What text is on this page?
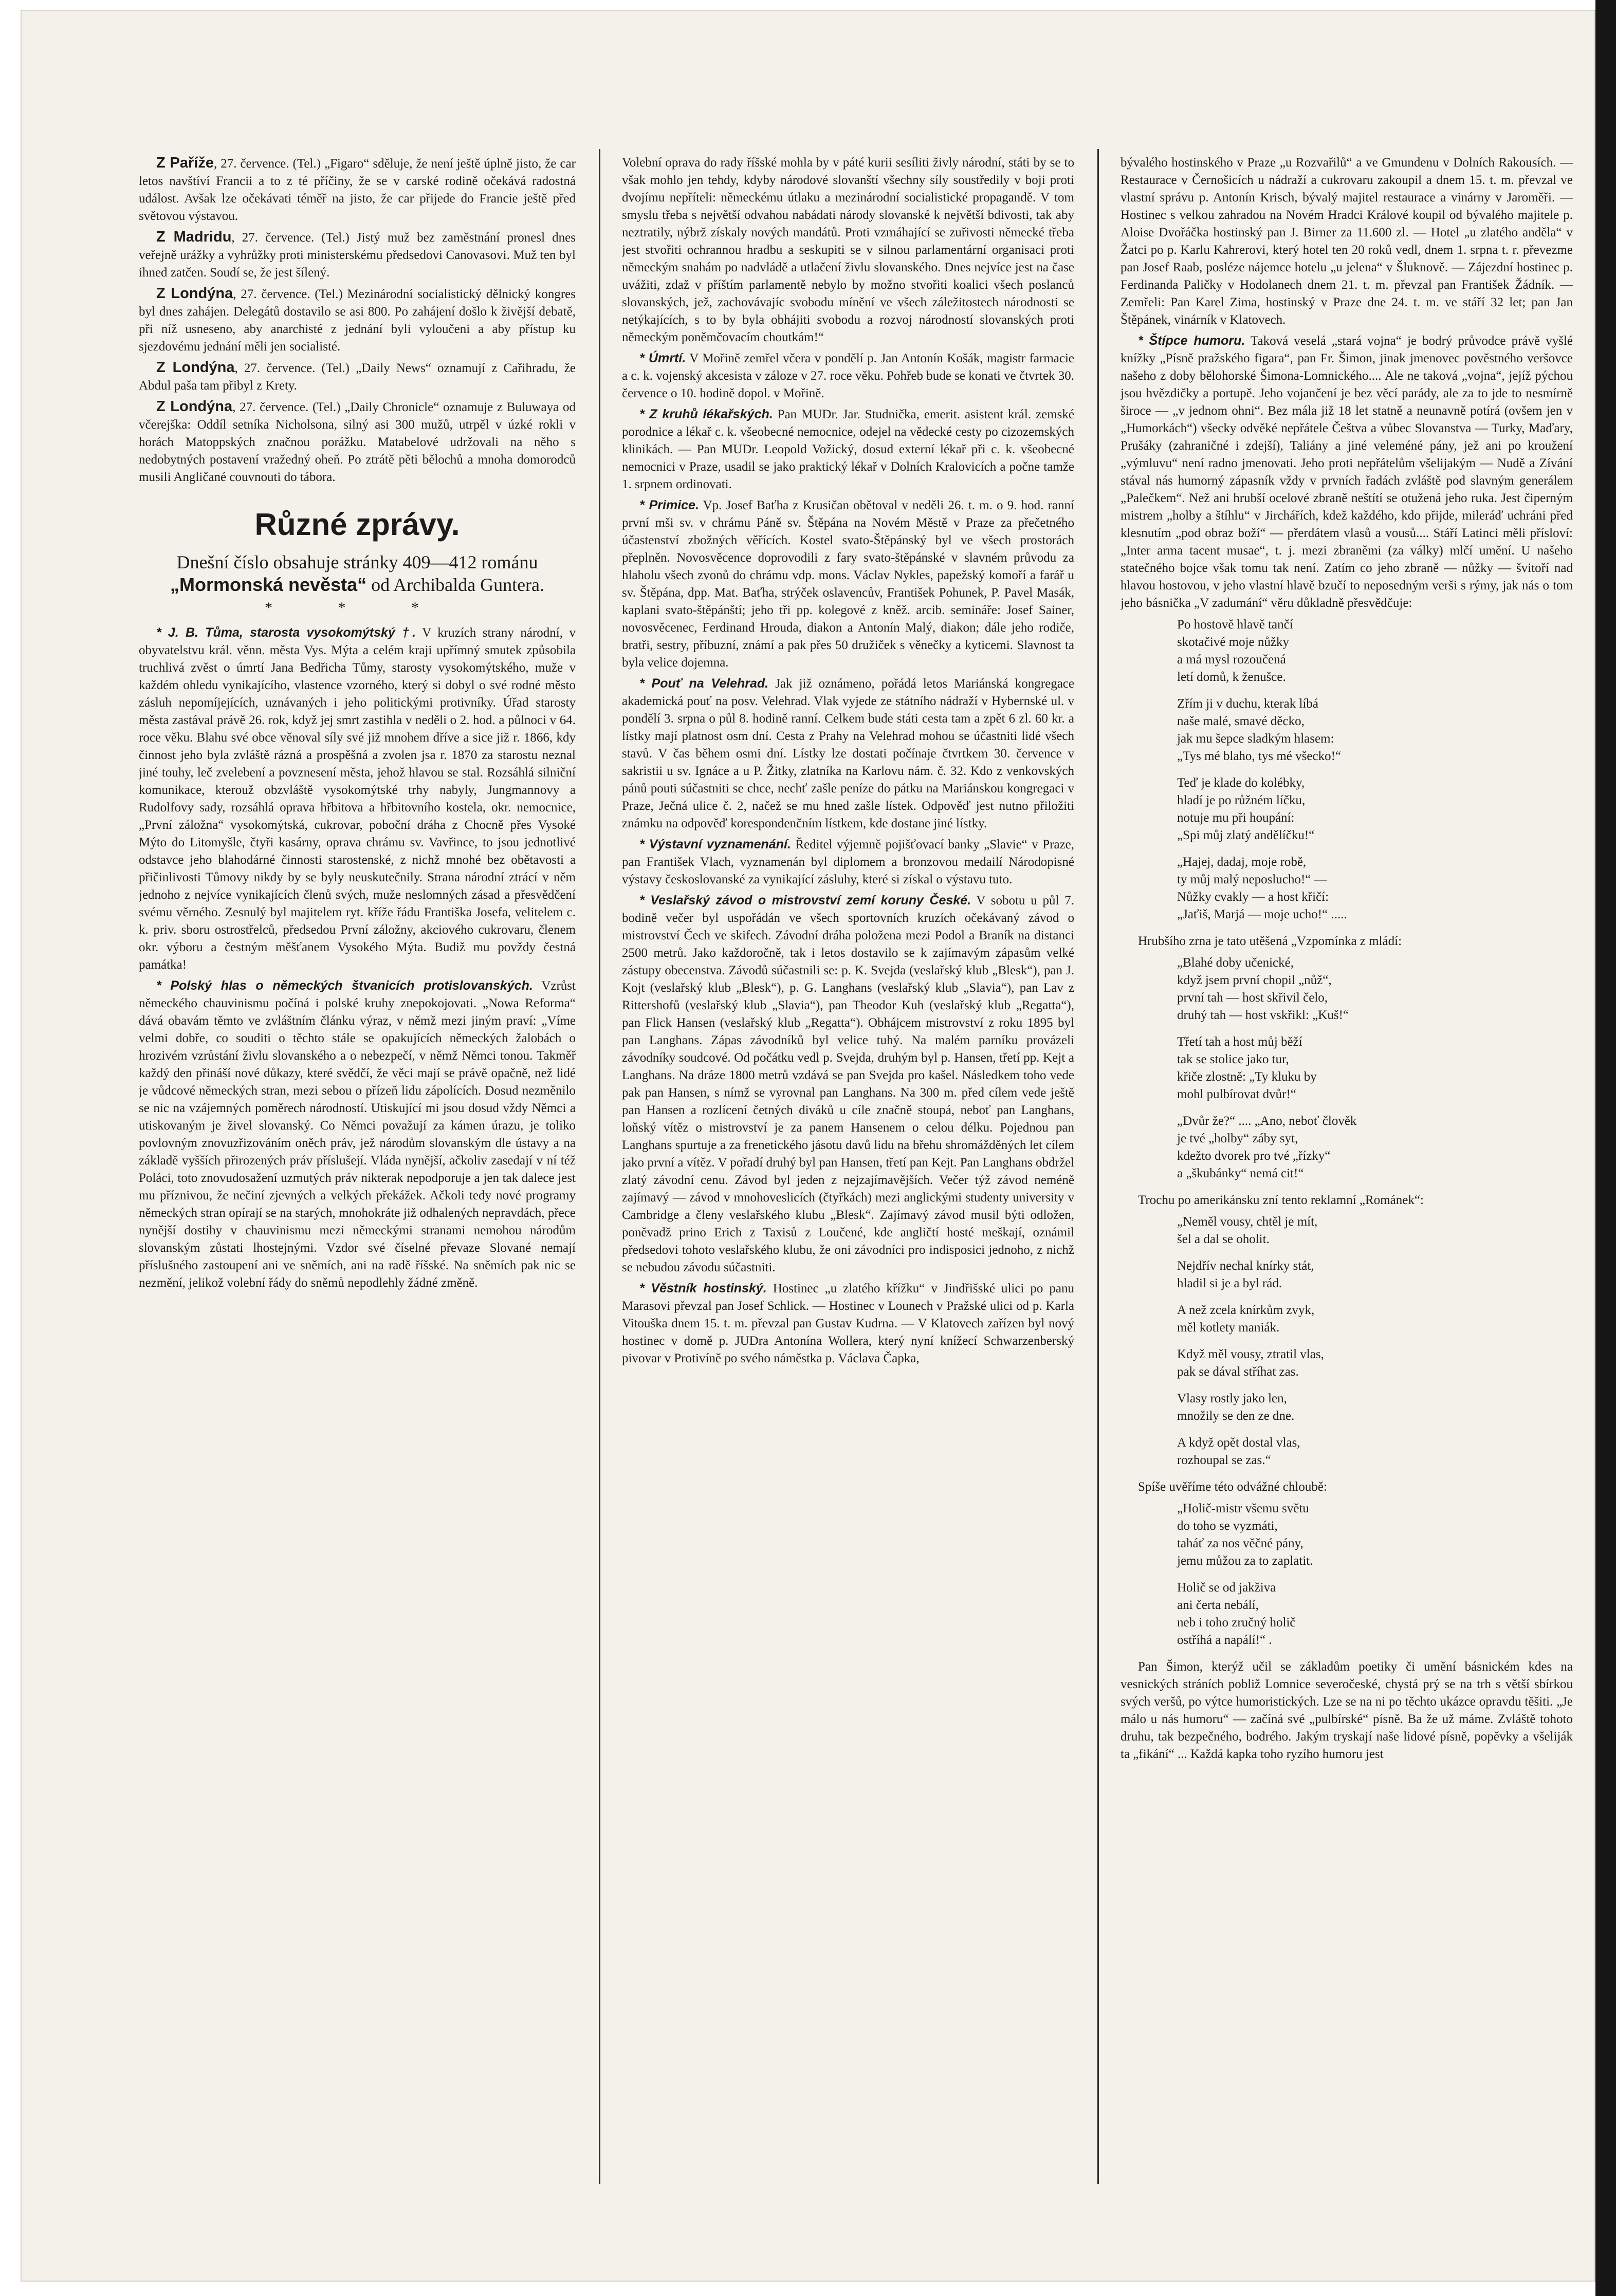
Z Paříže, 27. července. (Tel.) „Figaro“ sděluje, že není ještě úplně jisto, že car letos navštíví Francii a to z té příčiny, že se v carské rodině očekává radostná událost. Avšak lze očekávati téměř na jisto, že car přijede do Francie ještě před světovou výstavou.

Z Madridu, 27. července. (Tel.) Jistý muž bez zaměstnání pronesl dnes veřejně urážky a vyhrůžky proti ministerskému předsedovi Canovasovi. Muž ten byl ihned zatčen. Soudí se, že jest šílený.

Z Londýna, 27. července. (Tel.) Mezinárodní socialistický dělnický kongres byl dnes zahájen. Delegátů dostavilo se asi 800. Po zahájení došlo k živější debatě, při níž usneseno, aby anarchisté z jednání byli vyloučeni a aby přístup ku sjezdovému jednání měli jen socialisté.

Z Londýna, 27. července. (Tel.) „Daily News“ oznamují z Cařihradu, že Abdul paša tam přibyl z Krety.

Z Londýna, 27. července. (Tel.) „Daily Chronicle“ oznamuje z Buluwaya od včerejška: Oddíl setníka Nicholsona, silný asi 300 mužů, utrpěl v úzké rokli v horách Matoppských značnou porážku. Matabelové udržovali na něho s nedobytných postavení vražedný oheň. Po ztrátě pěti bělochů a mnoha domorodců musili Angličané couvnouti do tábora.

Různé zprávy.

Dnešní číslo obsahuje stránky 409—412 románu „Mormonská nevěsta“ od Archibalda Guntera.

* * *

* J. B. Tůma, starosta vysokomýtský †. V kruzích strany národní, v obyvatelstvu král. věnn. města Vys. Mýta a celém kraji upřímný smutek způsobila truchlivá zvěst o úmrtí Jana Bedřicha Tůmy, starosty vysokomýtského, muže v každém ohledu vynikajícího, vlastence vzorného, který si dobyl o své rodné město zásluh nepomíjejících, uznávaných i jeho politickými protivníky. Úřad starosty města zastával právě 26. rok, když jej smrt zastihla v neděli o 2. hod. a půlnoci v 64. roce věku. Blahu své obce věnoval síly své již mnohem dříve a sice již r. 1866, kdy činnost jeho byla zvláště rázná a prospěšná a zvolen jsa r. 1870 za starostu neznal jiné touhy, leč zvelebení a povznesení města, jehož hlavou se stal. Rozsáhlá silniční komunikace, kterouž obzvláště vysokomýtské trhy nabyly, Jungmannovy a Rudolfovy sady, rozsáhlá oprava hřbitova a hřbitovního kostela, okr. nemocnice, „První záložna“ vysokomýtská, cukrovar, poboční dráha z Chocně přes Vysoké Mýto do Litomyšle, čtyři kasárny, oprava chrámu sv. Vavřince, to jsou jednotlivé odstavce jeho blahodárné činnosti starostenské, z nichž mnohé bez obětavosti a přičinlivosti Tůmovy nikdy by se byly neuskutečnily. Strana národní ztrácí v něm jednoho z nejvíce vynikajících členů svých, muže neslomných zásad a přesvědčení svému věrného. Zesnulý byl majitelem ryt. kříže řádu Františka Josefa, velitelem c. k. priv. sboru ostrostřelců, předsedou První záložny, akciového cukrovaru, členem okr. výboru a čestným měšťanem Vysokého Mýta. Budiž mu povždy čestná památka!

* Polský hlas o německých štvanicích protislovanských. Vzrůst německého chauvinismu počíná i polské kruhy znepokojovati. „Nowa Reforma“ dává obavám těmto ve zvláštním článku výraz, v němž mezi jiným praví: „Víme velmi dobře, co souditi o těchto stále se opakujících německých žalobách o hrozivém vzrůstání živlu slovanského a o nebezpečí, v němž Němci tonou. Takměř každý den přináší nové důkazy, které svědčí, že věci mají se právě opačně, než lidé je vůdcové německých stran, mezi sebou o přízeň lidu zápolících. Dosud nezměnilo se nic na vzájemných poměrech národností. Utiskující mi jsou dosud vždy Němci a utiskovaným je živel slovanský. Co Němci považují za kámen úrazu, je toliko povlovným znovuzřizováním oněch práv, jež národům slovanským dle ústavy a na základě vyšších přirozených práv příslušejí. Vláda nynější, ačkoliv zasedají v ní též Poláci, toto znovudosažení uzmutých práv nikterak nepodporuje a jen tak dalece jest mu příznivou, že nečiní zjevných a velkých překážek. Ačkoli tedy nové programy německých stran opírají se na starých, mnohokráte již odhalených nepravdách, přece nynější dostihy v chauvinismu mezi německými stranami nemohou národům slovanským zůstati lhostejnými. Vzdor své číselné převaze Slované nemají příslušného zastoupení ani ve sněmích, ani na radě říšské. Na sněmích pak nic se nezmění, jelikož volební řády do sněmů nepodlehly žádné změně.

Volební oprava do rady říšské mohla by v páté kurii sesíliti živly národní, státi by se to však mohlo jen tehdy, kdyby národové slovanští všechny síly soustředily v boji proti dvojímu nepříteli: německému útlaku a mezinárodní socialistické propagandě. V tom smyslu třeba s největší odvahou nabádati národy slovanské k největší bdivosti, tak aby neztratily, nýbrž získaly nových mandátů. Proti vzmáhající se zuřivosti německé třeba jest stvořiti ochrannou hradbu a seskupiti se v silnou parlamentární organisaci proti německým snahám po nadvládě a utlačení živlu slovanského. Dnes nejvíce jest na čase uvážiti, zdaž v příštím parlamentě nebylo by možno stvořiti koalici všech poslanců slovanských, jež, zachovávajíc svobodu mínění ve všech záležitostech národnosti se netýkajících, s to by byla obhájiti svobodu a rozvoj národností slovanských proti německým poněmčovacím choutkám!“

* Úmrtí. V Mořině zemřel včera v pondělí p. Jan Antonín Košák, magistr farmacie a c. k. vojenský akcesista v záloze v 27. roce věku. Pohřeb bude se konati ve čtvrtek 30. července o 10. hodině dopol. v Mořině.

* Z kruhů lékařských. Pan MUDr. Jar. Studnička, emerit. asistent král. zemské porodnice a lékař c. k. všeobecné nemocnice, odejel na vědecké cesty po cizozemských klinikách. — Pan MUDr. Leopold Vožický, dosud externí lékař při c. k. všeobecné nemocnici v Praze, usadil se jako praktický lékař v Dolních Kralovicích a počne tamže 1. srpnem ordinovati.

* Primice. Vp. Josef Baťha z Krusičan obětoval v neděli 26. t. m. o 9. hod. ranní první mši sv. v chrámu Páně sv. Štěpána na Novém Městě v Praze za přečetného účastenství zbožných věřících. Kostel svato-Štěpánský byl ve všech prostorách přeplněn. Novosvěcence doprovodili z fary svato-štěpánské v slavném průvodu za hlaholu všech zvonů do chrámu vdp. mons. Václav Nykles, papežský komoří a farář u sv. Štěpána, dpp. Mat. Baťha, strýček oslavencův, František Pohunek, P. Pavel Masák, kaplani svato-štěpánští; jeho tři pp. kolegové z kněž. arcib. semináře: Josef Sainer, novosvěcenec, Ferdinand Hrouda, diakon a Antonín Malý, diakon; dále jeho rodiče, bratři, sestry, příbuzní, známí a pak přes 50 družiček s věnečky a kyticemi. Slavnost ta byla velice dojemna.

* Pouť na Velehrad. Jak již oznámeno, pořádá letos Mariánská kongregace akademická pouť na posv. Velehrad. Vlak vyjede ze státního nádraží v Hybernské ul. v pondělí 3. srpna o půl 8. hodině ranní. Celkem bude státi cesta tam a zpět 6 zl. 60 kr. a lístky mají platnost osm dní. Cesta z Prahy na Velehrad mohou se účastniti lidé všech stavů. V čas během osmi dní. Lístky lze dostati počínaje čtvrtkem 30. července v sakristii u sv. Ignáce a u P. Žitky, zlatníka na Karlovu nám. č. 32. Kdo z venkovských pánů pouti súčastniti se chce, nechť zašle peníze do pátku na Mariánskou kongregaci v Praze, Ječná ulice č. 2, načež se mu hned zašle lístek. Odpověď jest nutno přiložiti známku na odpověď korespondenčním lístkem, kde dostane jiné lístky.

* Výstavní vyznamenání. Ředitel výjemně pojišťovací banky „Slavie“ v Praze, pan František Vlach, vyznamenán byl diplomem a bronzovou medailí Národopisné výstavy českoslovanské za vynikající zásluhy, které si získal o výstavu tuto.

* Veslařský závod o mistrovství zemí koruny České. V sobotu u půl 7. bodině večer byl uspořádán ve všech sportovních kruzích očekávaný závod o mistrovství Čech ve skifech. Závodní dráha položena mezi Podol a Braník na distanci 2500 metrů. Jako každoročně, tak i letos dostavilo se k zajímavým zápasům velké zástupy obecenstva. Závodů súčastnili se: p. K. Svejda (veslařský klub „Blesk“), pan J. Kojt (veslařský klub „Blesk“), p. G. Langhans (veslařský klub „Slavia“), pan Lav z Rittershofů (veslařský klub „Slavia“), pan Theodor Kuh (veslařský klub „Regatta“), pan Flick Hansen (veslařský klub „Regatta“). Obhájcem mistrovství z roku 1895 byl pan Langhans. Zápas závodníků byl velice tuhý. Na malém parníku provázeli závodníky soudcové. Od počátku vedl p. Svejda, druhým byl p. Hansen, třetí pp. Kejt a Langhans. Na dráze 1800 metrů vzdává se pan Svejda pro kašel. Následkem toho vede pak pan Hansen, s nímž se vyrovnal pan Langhans. Na 300 m. před cílem vede ještě pan Hansen a rozlícení četných diváků u cíle značně stoupá, neboť pan Langhans, loňský vítěz o mistrovství je za panem Hansenem o celou délku. Pojednou pan Langhans spurtuje a za frenetického jásotu davů lidu na břehu shromážděných let cílem jako první a vítěz. V pořadí druhý byl pan Hansen, třetí pan Kejt. Pan Langhans obdržel zlatý závodní cenu. Závod byl jeden z nejzajímavějších. Večer týž závod neméně zajímavý — závod v mnohoveslicích (čtyřkách) mezi anglickými studenty university v Cambridge a členy veslařského klubu „Blesk“. Zajímavý závod musil býti odložen, poněvadž prino Erich z Taxisů z Loučené, kde angličtí hosté meškají, oznámil předsedovi tohoto veslařského klubu, že oni závodníci pro indisposici jednoho, z nichž se nebudou závodu súčastniti.

* Věstník hostinský. Hostinec „u zlatého křížku“ v Jindřišské ulici po panu Marasovi převzal pan Josef Schlick. — Hostinec v Lounech v Pražské ulici od p. Karla Vitouška dnem 15. t. m. převzal pan Gustav Kudrna. — V Klatovech zařízen byl nový hostinec v domě p. JUDra Antonína Wollera, který nyní knížecí Schwarzenberský pivovar v Protivíně po svého náměstka p. Václava Čapka,

bývalého hostinského v Praze „u Rozvařilů“ a ve Gmundenu v Dolních Rakousích. — Restaurace v Černošicích u nádraží a cukrovaru zakoupil a dnem 15. t. m. převzal ve vlastní správu p. Antonín Krisch, bývalý majitel restaurace a vinárny v Jaroměři. — Hostinec s velkou zahradou na Novém Hradci Králové koupil od bývalého majitele p. Aloise Dvořáčka hostinský pan J. Birner za 11.600 zl. — Hotel „u zlatého anděla“ v Žatci po p. Karlu Kahrerovi, který hotel ten 20 roků vedl, dnem 1. srpna t. r. převezme pan Josef Raab, posléze nájemce hotelu „u jelena“ v Šluknově. — Zájezdní hostinec p. Ferdinanda Paličky v Hodolanech dnem 21. t. m. převzal pan František Žádník. — Zemřeli: Pan Karel Zima, hostinský v Praze dne 24. t. m. ve stáří 32 let; pan Jan Štěpánek, vinárník v Klatovech.

* Štípce humoru. Taková veselá „stará vojna“ je bodrý průvodce právě vyšlé knížky „Písně pražského figara“, pan Fr. Šimon, jinak jmenovec pověstného veršovce našeho z doby bělohorské Šimona-Lomnického.... Ale ne taková „vojna“, jejíž pýchou jsou hvězdičky a portupě. Jeho vojančení je bez věcí parády, ale za to jde to nesmírně široce — „v jednom ohni“. Bez mála již 18 let statně a neunavně potírá (ovšem jen v „Humorkách“) všecky odvěké nepřátele Češtva a vůbec Slovanstva — Turky, Maďary, Prušáky (zahraničné i zdejší), Taliány a jiné veleméné pány, jež ani po kroužení „výmluvu“ není radno jmenovati. Jeho proti nepřátelům všelijakým — Nudě a Zívání stával nás humorný zápasník vždy v prvních řadách zvláště pod slavným generálem „Palečkem“. Než ani hrubší ocelové zbraně neštítí se otužená jeho ruka. Jest čiperným mistrem „holby a štíhlu“ v Jirchářích, kdež každého, kdo přijde, mileráď uchráni před klesnutím „pod obraz boží“ — přerdátem vlasů a vousů.... Stáří Latinci měli přísloví: „Inter arma tacent musae“, t. j. mezi zbraněmi (za války) mlčí umění. U našeho statečného bojce však tomu tak není. Zatím co jeho zbraně — nůžky — švitoří nad hlavou hostovou, v jeho vlastní hlavě bzučí to neposedným verši s rýmy, jak nás o tom jeho básnička „V zadumání“ věru důkladně přesvědčuje:

Po hostově hlavě tančí
skotačivé moje nůžky
a má mysl rozoučená
letí domů, k ženušce.
Zřím ji v duchu, kterak líbá
naše malé, smavé děcko,
jak mu šepce sladkým hlasem:
„Tys mé blaho, tys mé všecko!“
Teď je klade do kolébky,
hladí je po růžném líčku,
notuje mu při houpání:
„Spi můj zlatý andělíčku!“
„Hajej, dadaj, moje robě,
ty můj malý neposlucho!“ —
Nůžky cvakly — a host křičí:
„Jaťiš, Marjá — moje ucho!“ .....

Hrubšího zrna je tato utěšená „Vzpomínka z mládí:

„Blahé doby učenické,
když jsem první chopil „nůž“,
první tah — host skřivil čelo,
druhý tah — host vskřikl: „Kuš!“
Třetí tah a host můj běží
tak se stolice jako tur,
křiče zlostně: „Ty kluku by
mohl pulbírovat dvůr!“
„Dvůr že?“ .... „Ano, neboť člověk
je tvé „holby“ záby syt,
kdežto dvorek pro tvé „řízky“
a „škubánky“ nemá cit!“

Trochu po amerikánsku zní tento reklamní „Románek“:

„Neměl vousy, chtěl je mít,
šel a dal se oholit.
Nejdřív nechal knírky stát,
hladil si je a byl rád.
A než zcela knírkům zvyk,
měl kotlety maniák.
Když měl vousy, ztratil vlas,
pak se dával stříhat zas.
Vlasy rostly jako len,
množily se den ze dne.
A když opět dostal vlas,
rozhoupal se zas.“

Spíše uvěříme této odvážné chloubě:

„Holič-mistr všemu světu
do toho se vyzmáti,
taháť za nos věčné pány,
jemu můžou za to zaplatit.
Holič se od jakživa
ani čerta nebálí,
neb i toho zručný holič
ostříhá a napálí!“ .

Pan Šimon, kterýž učil se základům poetiky či umění básnickém kdes na vesnických stráních pobliž Lomnice severočeské, chystá prý se na trh s větší sbírkou svých veršů, po výtce humoristických. Lze se na ni po těchto ukázce opravdu těšiti. „Je málo u nás humoru“ — začíná své „pulbírské“ písně. Ba že už máme. Zvláště tohoto druhu, tak bezpečného, bodrého. Jakým tryskají naše lidové písně, popěvky a všeliják ta „fikání“ ... Každá kapka toho ryzího humoru jest
